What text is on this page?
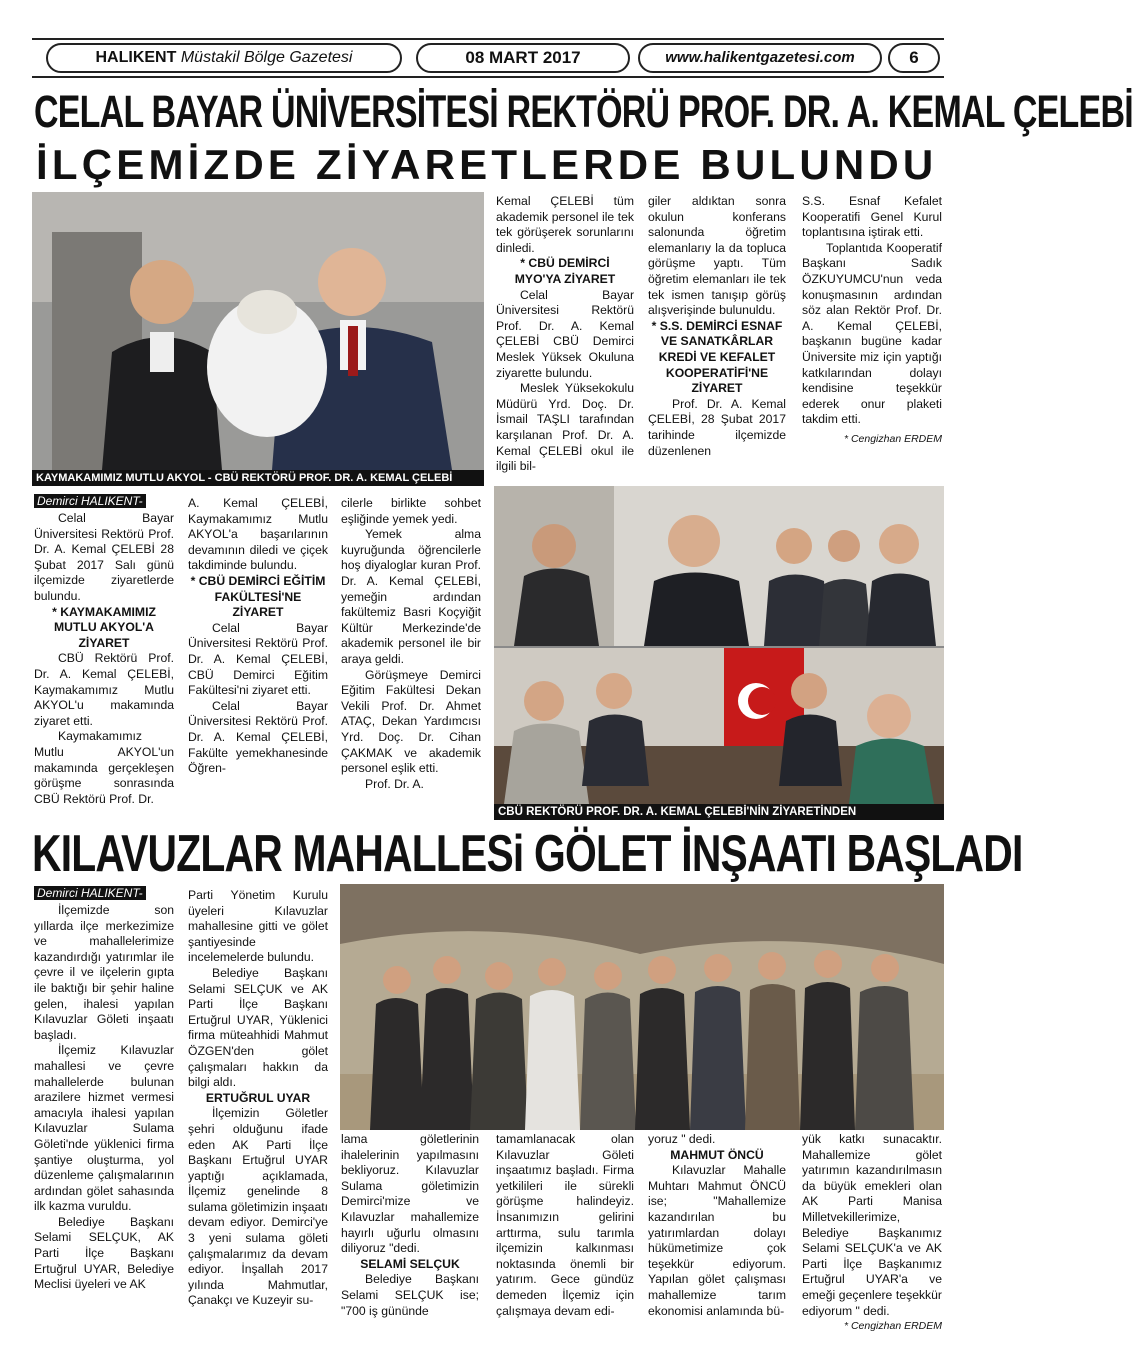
HALIKENT Müstakil Bölge Gazetesi	08 MART 2017	www.halikentgazetesi.com	6
CELAL BAYAR ÜNİVERSİTESİ REKTÖRÜ PROF. DR. A. KEMAL ÇELEBİ
İLÇEMİZDE ZİYARETLERDE BULUNDU
KAYMAKAMIMIZ MUTLU AKYOL - CBÜ REKTÖRÜ PROF. DR. A. KEMAL ÇELEBİ
Demirci HALIKENT-

Celal Bayar Üniversitesi Rektörü Prof. Dr. A. Kemal ÇELEBİ 28 Şubat 2017 Salı günü ilçemizde ziyaretlerde bulundu.

* KAYMAKAMIMIZ MUTLU AKYOL'A ZİYARET

CBÜ Rektörü Prof. Dr. A. Kemal ÇELEBİ, Kaymakamımız Mutlu AKYOL'u makamında ziyaret etti.

Kaymakamımız Mutlu AKYOL'un makamında gerçekleşen görüşme sonrasında CBÜ Rektörü Prof. Dr.

A. Kemal ÇELEBİ, Kaymakamımız Mutlu AKYOL'a başarılarının devamının diledi ve çiçek takdiminde bulundu.

* CBÜ DEMİRCİ EĞİTİM FAKÜLTESİ'NE ZİYARET

Celal Bayar Üniversitesi Rektörü Prof. Dr. A. Kemal ÇELEBİ, CBÜ Demirci Eğitim Fakültesi'ni ziyaret etti.

Celal Bayar Üniversitesi Rektörü Prof. Dr. A. Kemal ÇELEBİ, Fakülte yemekhanesinde Öğren-

cilerle birlikte sohbet eşliğinde yemek yedi.

Yemek alma kuyruğunda öğrencilerle hoş diyaloglar kuran Prof. Dr. A. Kemal ÇELEBİ, yemeğin ardından fakültemiz Basri Koçyiğit Kültür Merkezinde'de akademik personel ile bir araya geldi.

Görüşmeye Demirci Eğitim Fakültesi Dekan Vekili Prof. Dr. Ahmet ATAÇ, Dekan Yardımcısı Yrd. Doç. Dr. Cihan ÇAKMAK ve akademik personel eşlik etti.

Prof. Dr. A.

Kemal ÇELEBİ tüm akademik personel ile tek tek görüşerek sorunlarını dinledi.

* CBÜ DEMİRCİ MYO'YA ZİYARET

Celal Bayar Üniversitesi Rektörü Prof. Dr. A. Kemal ÇELEBİ CBÜ Demirci Meslek Yüksek Okuluna ziyarette bulundu.

Meslek Yüksekokulu Müdürü Yrd. Doç. Dr. İsmail TAŞLI tarafından karşılanan Prof. Dr. A. Kemal ÇELEBİ okul ile ilgili bil-

giler aldıktan sonra okulun konferans salonunda öğretim elemanlarıy la da topluca görüşme yaptı. Tüm öğretim elemanları ile tek tek ismen tanışıp görüş alışverişinde bulunuldu.

* S.S. DEMİRCİ ESNAF VE SANATKÂRLAR KREDİ VE KEFALET KOOPERATİFİ'NE ZİYARET

Prof. Dr. A. Kemal ÇELEBİ, 28 Şubat 2017 tarihinde ilçemizde düzenlenen

S.S. Esnaf Kefalet Kooperatifi Genel Kurul toplantısına iştirak etti.

Toplantıda Kooperatif Başkanı Sadık ÖZKUYUMCU'nun veda konuşmasının ardından söz alan Rektör Prof. Dr. A. Kemal ÇELEBİ, başkanın bugüne kadar Üniversite miz için yaptığı katkılarından dolayı kendisine teşekkür ederek onur plaketi takdim etti.

* Cengizhan ERDEM

CBÜ REKTÖRÜ PROF. DR. A. KEMAL ÇELEBİ'NİN ZİYARETİNDEN
KILAVUZLAR MAHALLESi GÖLET İNŞAATI BAŞLADI
Demirci HALIKENT-

İlçemizde son yıllarda ilçe merkezimize ve mahallelerimize kazandırdığı yatırımlar ile çevre il ve ilçelerin gıpta ile baktığı bir şehir haline gelen, ihalesi yapılan Kılavuzlar Göleti inşaatı başladı.

İlçemiz Kılavuzlar mahallesi ve çevre mahallelerde bulunan arazilere hizmet vermesi amacıyla ihalesi yapılan Kılavuzlar Sulama Göleti'nde yüklenici firma şantiye oluşturma, yol düzenleme çalışmalarının ardından gölet sahasında ilk kazma vuruldu.

Belediye Başkanı Selami SELÇUK, AK Parti İlçe Başkanı Ertuğrul UYAR, Belediye Meclisi üyeleri ve AK

Parti Yönetim Kurulu üyeleri Kılavuzlar mahallesine gitti ve gölet şantiyesinde incelemelerde bulundu.

Belediye Başkanı Selami SELÇUK ve AK Parti İlçe Başkanı Ertuğrul UYAR, Yüklenici firma müteahhidi Mahmut ÖZGEN'den gölet çalışmaları hakkın da bilgi aldı.

ERTUĞRUL UYAR

İlçemizin Göletler şehri olduğunu ifade eden AK Parti İlçe Başkanı Ertuğrul UYAR yaptığı açıklamada, İlçemiz genelinde 8 sulama göletimizin inşaatı devam ediyor. Demirci'ye 3 yeni sulama göleti çalışmalarımız da devam ediyor. İnşallah 2017 yılında Mahmutlar, Çanakçı ve Kuzeyir su-

lama göletlerinin ihalelerinin yapılmasını bekliyoruz. Kılavuzlar Sulama göletimizin Demirci'mize ve Kılavuzlar mahallemize hayırlı uğurlu olmasını diliyoruz "dedi.

SELAMİ SELÇUK

Belediye Başkanı Selami SELÇUK ise; "700 iş gününde

tamamlanacak olan Kılavuzlar Göleti inşaatımız başladı. Firma yetkilileri ile sürekli görüşme halindeyiz. İnsanımızın gelirini arttırma, sulu tarımla ilçemizin kalkınması noktasında önemli bir yatırım. Gece gündüz demeden İlçemiz için çalışmaya devam edi-

yoruz " dedi.

MAHMUT ÖNCÜ

Kılavuzlar Mahalle Muhtarı Mahmut ÖNCÜ ise; "Mahallemize kazandırılan bu yatırımlardan dolayı hükümetimize çok teşekkür ediyorum. Yapılan gölet çalışması mahallemize tarım ekonomisi anlamında bü-

yük katkı sunacaktır. Mahallemize gölet yatırımın kazandırılmasın da büyük emekleri olan AK Parti Manisa Milletvekillerimize, Belediye Başkanımız Selami SELÇUK'a ve AK Parti İlçe Başkanımız Ertuğrul UYAR'a ve emeği geçenlere teşekkür ediyorum " dedi.

* Cengizhan ERDEM
